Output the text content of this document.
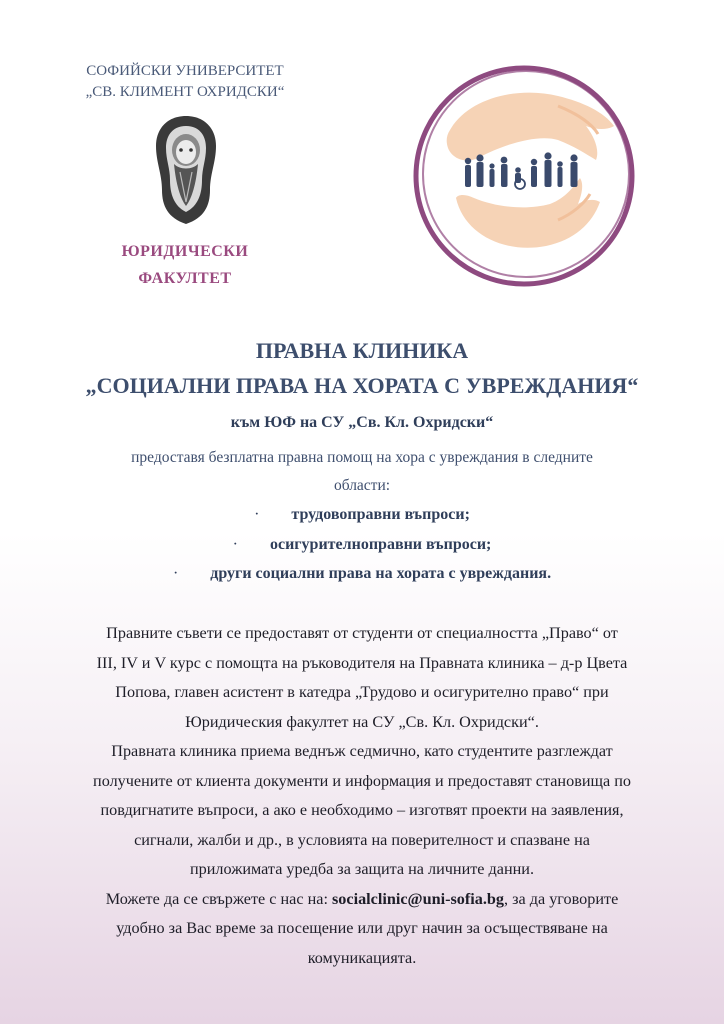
СОФИЙСКИ УНИВЕРСИТЕТ
„СВ. КЛИМЕНТ ОХРИДСКИ“
ЮРИДИЧЕСКИ
ФАКУЛТЕТ
ПРАВНА КЛИНИКА
„СОЦИАЛНИ ПРАВА НА ХОРАТА С УВРЕЖДАНИЯ“
към ЮФ на СУ „Св. Кл. Охридски“
предоставя безплатна правна помощ на хора с увреждания в следните
области:
· трудовоправни въпроси;
· осигурителноправни въпроси;
· други социални права на хората с увреждания.
Правните съвети се предоставят от студенти от специалността „Право“ от
III, IV и V курс с помощта на ръководителя на Правната клиника – д-р Цвета
Попова, главен асистент в катедра „Трудово и осигурително право“ при
Юридическия факултет на СУ „Св. Кл. Охридски“.
Правната клиника приема веднъж седмично, като студентите разглеждат
получените от клиента документи и информация и предоставят становища по
повдигнатите въпроси, а ако е необходимо – изготвят проекти на заявления,
сигнали, жалби и др., в условията на поверителност и спазване на
приложимата уредба за защита на личните данни.
Можете да се свържете с нас на: socialclinic@uni-sofia.bg, за да уговорите
удобно за Вас време за посещение или друг начин за осъществяване на
комуникацията.
